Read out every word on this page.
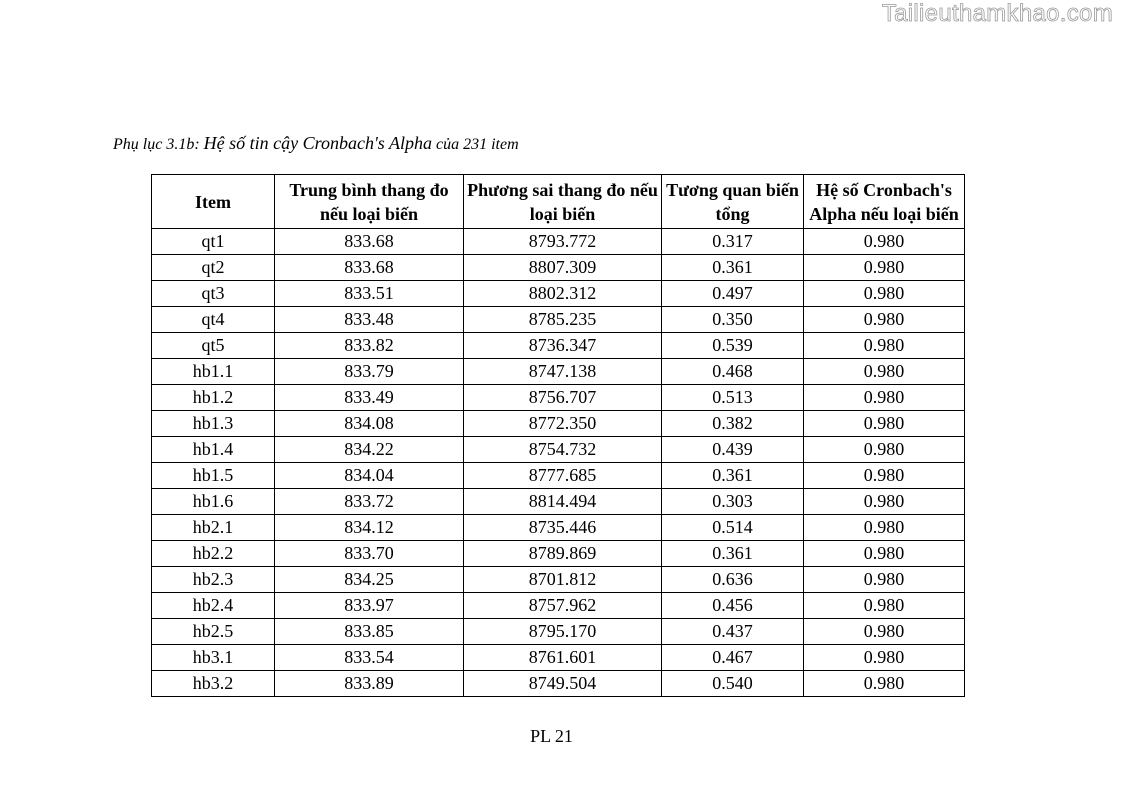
Tailieuthamkhao.com
Phụ lục 3.1b: Hệ số tin cậy Cronbach's Alpha của 231 item
Item	Trung bình thang đo nếu loại biến	Phương sai thang đo nếu loại biến	Tương quan biến tổng	Hệ số Cronbach's Alpha nếu loại biến
qt1	833.68	8793.772	0.317	0.980
qt2	833.68	8807.309	0.361	0.980
qt3	833.51	8802.312	0.497	0.980
qt4	833.48	8785.235	0.350	0.980
qt5	833.82	8736.347	0.539	0.980
hb1.1	833.79	8747.138	0.468	0.980
hb1.2	833.49	8756.707	0.513	0.980
hb1.3	834.08	8772.350	0.382	0.980
hb1.4	834.22	8754.732	0.439	0.980
hb1.5	834.04	8777.685	0.361	0.980
hb1.6	833.72	8814.494	0.303	0.980
hb2.1	834.12	8735.446	0.514	0.980
hb2.2	833.70	8789.869	0.361	0.980
hb2.3	834.25	8701.812	0.636	0.980
hb2.4	833.97	8757.962	0.456	0.980
hb2.5	833.85	8795.170	0.437	0.980
hb3.1	833.54	8761.601	0.467	0.980
hb3.2	833.89	8749.504	0.540	0.980
PL 21
